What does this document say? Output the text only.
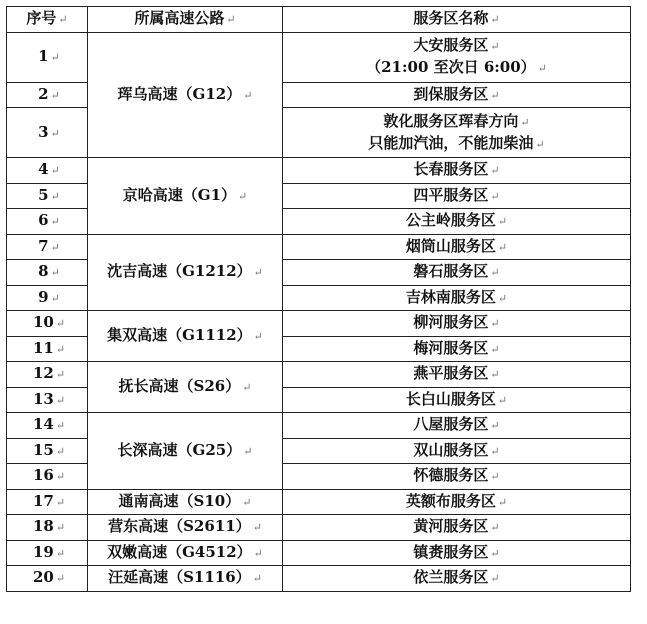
序号 ↵	所属高速公路 ↵	服务区名称 ↵
1 ↵	珲乌高速（G12） ↵	大安服务区 ↵
（21:00 至次日 6:00） ↵

2 ↵		到保服务区 ↵

3 ↵		敦化服务区珲春方向 ↵
只能加汽油，不能加柴油 ↵

4 ↵	京哈高速（G1） ↵	长春服务区 ↵

5 ↵		四平服务区 ↵

6 ↵		公主岭服务区 ↵

7 ↵	沈吉高速（G1212） ↵	烟筒山服务区 ↵

8 ↵		磐石服务区 ↵

9 ↵		吉林南服务区 ↵

10 ↵	集双高速（G1112） ↵	柳河服务区 ↵

11 ↵		梅河服务区 ↵

12 ↵	抚长高速（S26） ↵	燕平服务区 ↵

13 ↵		长白山服务区 ↵

14 ↵	长深高速（G25） ↵	八屋服务区 ↵

15 ↵		双山服务区 ↵

16 ↵		怀德服务区 ↵

17 ↵	通南高速（S10） ↵	英额布服务区 ↵

18 ↵	营东高速（S2611） ↵	黄河服务区 ↵

19 ↵	双嫩高速（G4512） ↵	镇赉服务区 ↵

20 ↵	汪延高速（S1116） ↵	依兰服务区 ↵
